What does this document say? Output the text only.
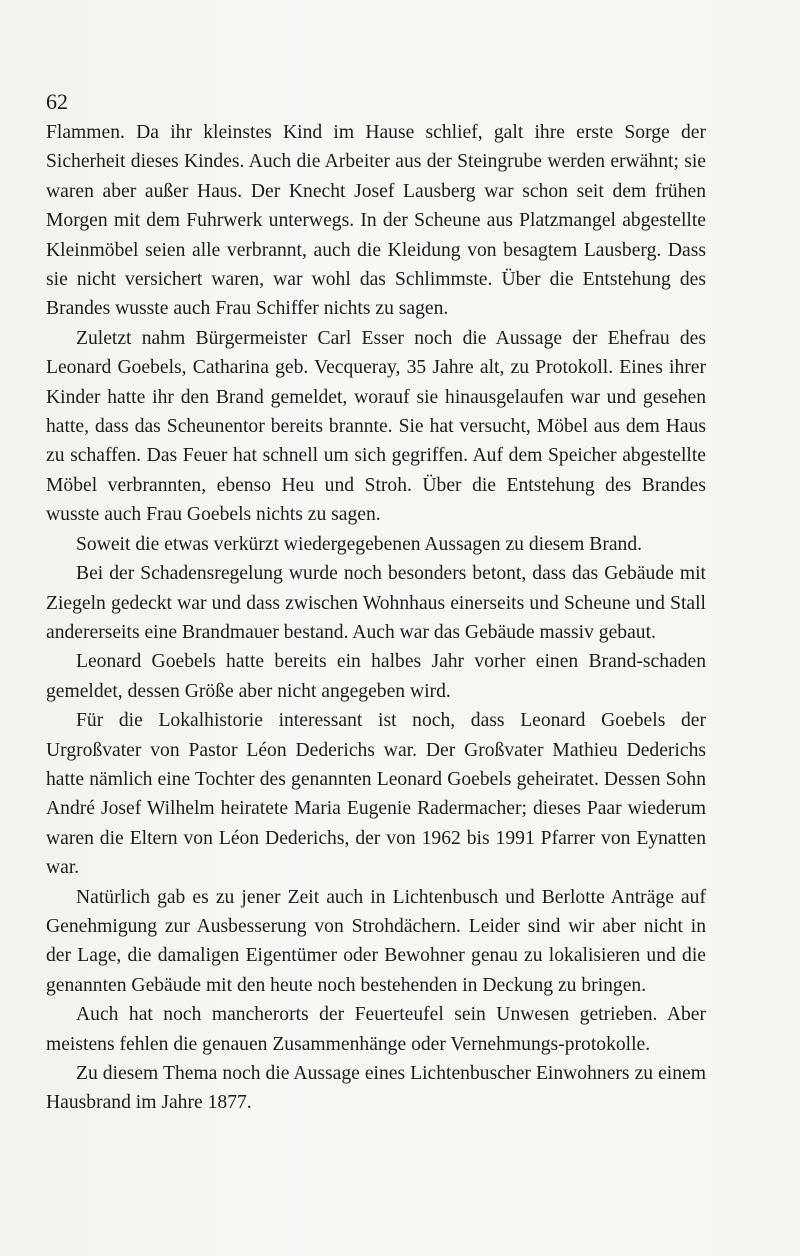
62

Flammen. Da ihr kleinstes Kind im Hause schlief, galt ihre erste Sorge der Sicherheit dieses Kindes. Auch die Arbeiter aus der Steingrube werden erwähnt; sie waren aber außer Haus. Der Knecht Josef Lausberg war schon seit dem frühen Morgen mit dem Fuhrwerk unterwegs. In der Scheune aus Platzmangel abgestellte Kleinmöbel seien alle verbrannt, auch die Kleidung von besagtem Lausberg. Dass sie nicht versichert waren, war wohl das Schlimmste. Über die Entstehung des Brandes wusste auch Frau Schiffer nichts zu sagen.

Zuletzt nahm Bürgermeister Carl Esser noch die Aussage der Ehefrau des Leonard Goebels, Catharina geb. Vecqueray, 35 Jahre alt, zu Protokoll. Eines ihrer Kinder hatte ihr den Brand gemeldet, worauf sie hinausgelaufen war und gesehen hatte, dass das Scheunentor bereits brannte. Sie hat versucht, Möbel aus dem Haus zu schaffen. Das Feuer hat schnell um sich gegriffen. Auf dem Speicher abgestellte Möbel verbrannten, ebenso Heu und Stroh. Über die Entstehung des Brandes wusste auch Frau Goebels nichts zu sagen.

Soweit die etwas verkürzt wiedergegebenen Aussagen zu diesem Brand.

Bei der Schadensregelung wurde noch besonders betont, dass das Gebäude mit Ziegeln gedeckt war und dass zwischen Wohnhaus einerseits und Scheune und Stall andererseits eine Brandmauer bestand. Auch war das Gebäude massiv gebaut.

Leonard Goebels hatte bereits ein halbes Jahr vorher einen Brand-schaden gemeldet, dessen Größe aber nicht angegeben wird.

Für die Lokalhistorie interessant ist noch, dass Leonard Goebels der Urgroßvater von Pastor Léon Dederichs war. Der Großvater Mathieu Dederichs hatte nämlich eine Tochter des genannten Leonard Goebels geheiratet. Dessen Sohn André Josef Wilhelm heiratete Maria Eugenie Radermacher; dieses Paar wiederum waren die Eltern von Léon Dederichs, der von 1962 bis 1991 Pfarrer von Eynatten war.

Natürlich gab es zu jener Zeit auch in Lichtenbusch und Berlotte Anträge auf Genehmigung zur Ausbesserung von Strohdächern. Leider sind wir aber nicht in der Lage, die damaligen Eigentümer oder Bewohner genau zu lokalisieren und die genannten Gebäude mit den heute noch bestehenden in Deckung zu bringen.

Auch hat noch mancherorts der Feuerteufel sein Unwesen getrieben. Aber meistens fehlen die genauen Zusammenhänge oder Vernehmungs-protokolle.

Zu diesem Thema noch die Aussage eines Lichtenbuscher Einwohners zu einem Hausbrand im Jahre 1877.
